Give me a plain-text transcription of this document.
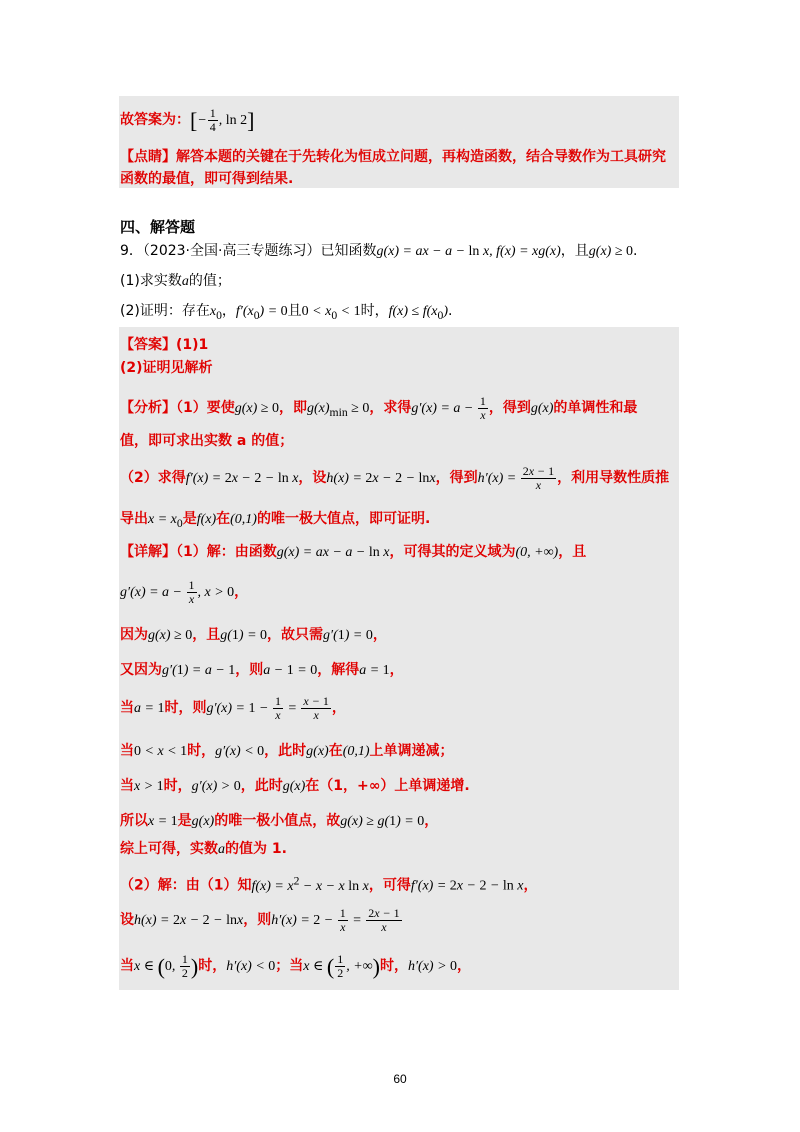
故答案为：[− $\frac{1}{4}$ , ln 2]
【点睛】解答本题的关键在于先转化为恒成立问题，再构造函数，结合导数作为工具研究
函数的最值，即可得到结果.
四、解答题
9．（2023·全国·高三专题练习）已知函数g(x) = ax − a − ln x, f(x) = xg(x)，且g(x) ≥ 0.
(1)求实数a的值；
(2)证明：存在$x_0$，$f'(x_0) = 0$且$0 < x_0 < 1$时，$f(x) \le f(x_0)$.
【答案】(1)1
(2)证明见解析
【分析】（1）要使g(x) ≥ 0，即$g(x)_{min} \ge 0$，求得$g'(x) = a - \frac{1}{x}$ ，得到g(x)的单调性和最
值，即可求出实数 a 的值；
（2）求得f′(x) = 2x − 2 − ln x，设h(x) = 2x − 2 − lnx，得到$h'(x) = \frac{2x - 1}{x}$ ，利用导数性质推
导出$x = x_0$是f(x)在(0,1)的唯一极大值点，即可证明.
【详解】（1）解：由函数g(x) = ax − a − ln x，可得其的定义域为(0, +∞)，且
$g'(x) = a - \frac{1}{x}$ , x > 0，
因为g(x) ≥ 0，且g(1) = 0，故只需g′(1) = 0，
又因为g′(1) = a − 1，则a − 1 = 0，解得a = 1，
当a = 1时，则$g'(x) = 1 - \frac{1}{x} = \frac{x - 1}{x}$ ，
当0 < x < 1时，g′(x) < 0，此时g(x)在(0,1)上单调递减；
当x > 1时，g′(x) > 0，此时g(x)在（1，+∞）上单调递增.
所以x = 1是g(x)的唯一极小值点，故g(x) ≥ g(1) = 0，
综上可得，实数a的值为 1.
（2）解：由（1）知$f(x) = x^2 - x - x$ ln x，可得f′(x) = 2x − 2 − ln x，
设h(x) = 2x − 2 − lnx，则$h'(x) = 2 - \frac{1}{x} = \frac{2x - 1}{x}$
当x ∈ (0, $\frac{1}{2}$ )时，h′(x) < 0；当x ∈ ( $\frac{1}{2}$ , +∞)时，h′(x) > 0，
60
